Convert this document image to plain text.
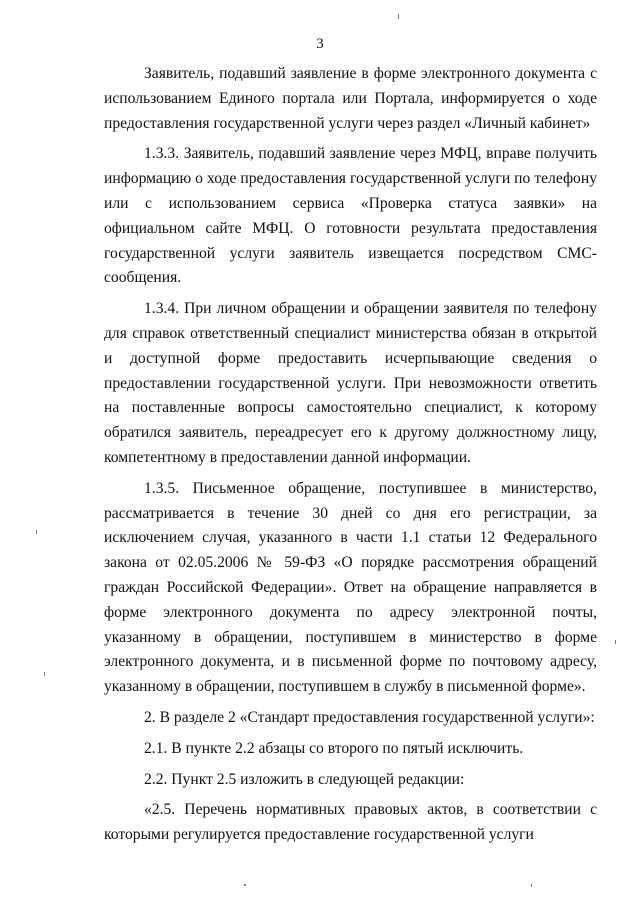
3

Заявитель, подавший заявление в форме электронного документа с использованием Единого портала или Портала, информируется о ходе предоставления государственной услуги через раздел «Личный кабинет»

1.3.3. Заявитель, подавший заявление через МФЦ, вправе получить информацию о ходе предоставления государственной услуги по телефону или с использованием сервиса «Проверка статуса заявки» на официальном сайте МФЦ. О готовности результата предоставления государственной услуги заявитель извещается посредством СМС-сообщения.

1.3.4. При личном обращении и обращении заявителя по телефону для справок ответственный специалист министерства обязан в открытой и доступной форме предоставить исчерпывающие сведения о предоставлении государственной услуги. При невозможности ответить на поставленные вопросы самостоятельно специалист, к которому обратился заявитель, переадресует его к другому должностному лицу, компетентному в предоставлении данной информации.

1.3.5. Письменное обращение, поступившее в министерство, рассматривается в течение 30 дней со дня его регистрации, за исключением случая, указанного в части 1.1 статьи 12 Федерального закона от 02.05.2006 № 59-ФЗ «О порядке рассмотрения обращений граждан Российской Федерации». Ответ на обращение направляется в форме электронного документа по адресу электронной почты, указанному в обращении, поступившем в министерство в форме электронного документа, и в письменной форме по почтовому адресу, указанному в обращении, поступившем в службу в письменной форме».

2. В разделе 2 «Стандарт предоставления государственной услуги»:

2.1. В пункте 2.2 абзацы со второго по пятый исключить.

2.2. Пункт 2.5 изложить в следующей редакции:

«2.5. Перечень нормативных правовых актов, в соответствии с которыми регулируется предоставление государственной услуги
